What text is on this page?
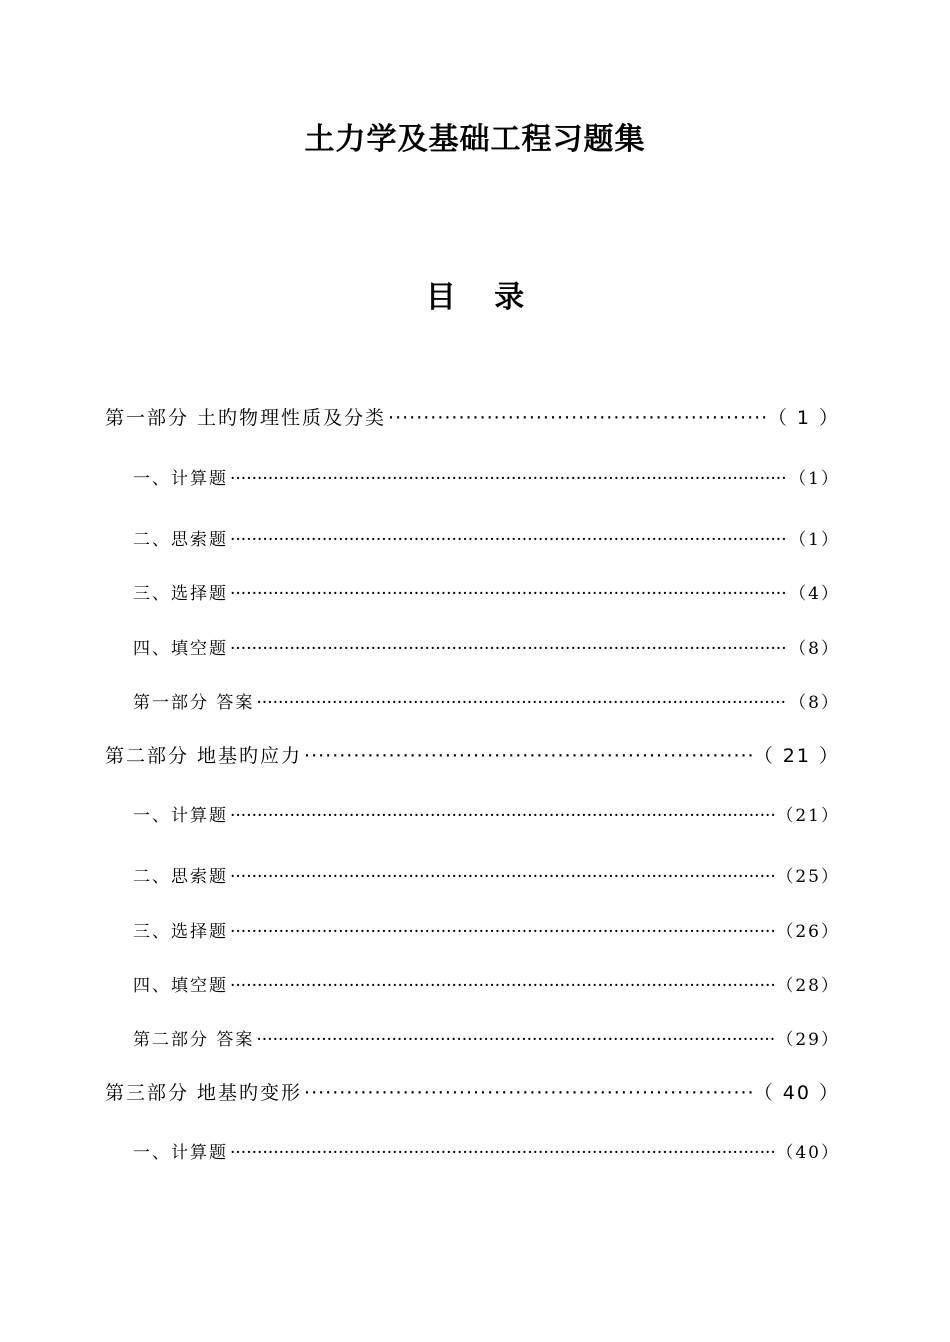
土力学及基础工程习题集
目 录
第一部分 土旳物理性质及分类 ·····	（ 1 ）
一、计算题 ·····	（1）
二、思索题 ·····	（1）
三、选择题 ·····	（4）
四、填空题 ·····	（8）
第一部分 答案 ·····	（8）
第二部分 地基旳应力 ·····	（ 21 ）
一、计算题 ·····	（21）
二、思索题 ·····	（25）
三、选择题 ·····	（26）
四、填空题 ·····	（28）
第二部分 答案 ·····	（29）
第三部分 地基旳变形 ·····	（ 40 ）
一、计算题 ·····	（40）
